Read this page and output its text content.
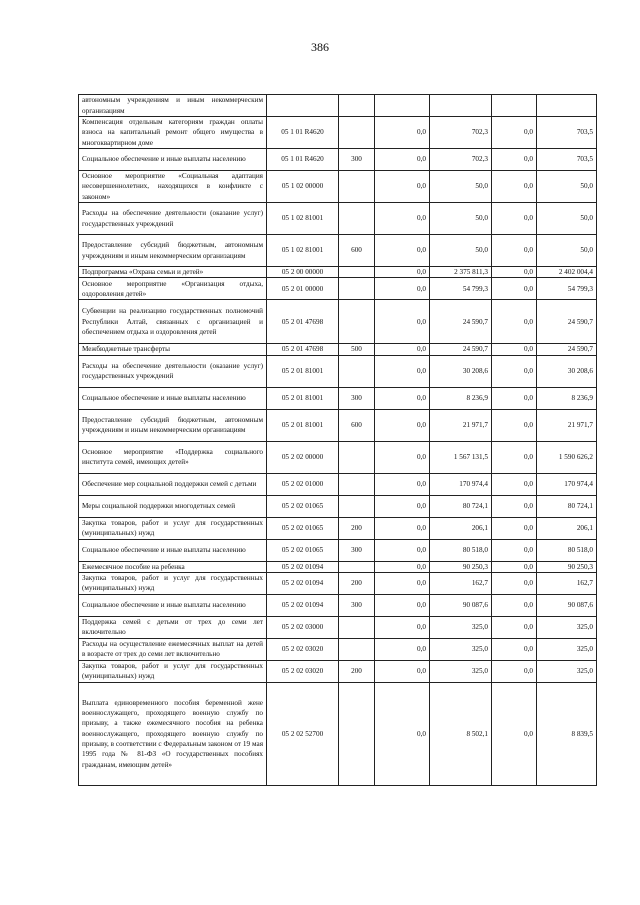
386
автономным учреждениям и иным некоммерческим организациям						
Компенсация отдельным категориям граждан оплаты взноса на капитальный ремонт общего имущества в многоквартирном доме	05 1 01 R4620		0,0	702,3	0,0	703,5
Социальное обеспечение и иные выплаты населению	05 1 01 R4620	300	0,0	702,3	0,0	703,5
Основное мероприятие «Социальная адаптация несовершеннолетних, находящихся в конфликте с законом»	05 1 02 00000		0,0	50,0	0,0	50,0
Расходы на обеспечение деятельности (оказание услуг) государственных учреждений	05 1 02 81001		0,0	50,0	0,0	50,0
Предоставление субсидий бюджетным, автономным учреждениям и иным некоммерческим организациям	05 1 02 81001	600	0,0	50,0	0,0	50,0
Подпрограмма «Охрана семьи и детей»	05 2 00 00000		0,0	2 375 811,3	0,0	2 402 004,4
Основное мероприятие «Организация отдыха, оздоровления детей»	05 2 01 00000		0,0	54 799,3	0,0	54 799,3
Субвенции на реализацию государственных полномочий Республики Алтай, связанных с организацией и обеспечением отдыха и оздоровления детей	05 2 01 47698		0,0	24 590,7	0,0	24 590,7
Межбюджетные трансферты	05 2 01 47698	500	0,0	24 590,7	0,0	24 590,7
Расходы на обеспечение деятельности (оказание услуг) государственных учреждений	05 2 01 81001		0,0	30 208,6	0,0	30 208,6
Социальное обеспечение и иные выплаты населению	05 2 01 81001	300	0,0	8 236,9	0,0	8 236,9
Предоставление субсидий бюджетным, автономным учреждениям и иным некоммерческим организациям	05 2 01 81001	600	0,0	21 971,7	0,0	21 971,7
Основное мероприятие «Поддержка социального института семей, имеющих детей»	05 2 02 00000		0,0	1 567 131,5	0,0	1 590 626,2
Обеспечение мер социальной поддержки семей с детьми	05 2 02 01000		0,0	170 974,4	0,0	170 974,4
Меры социальной поддержки многодетных семей	05 2 02 01065		0,0	80 724,1	0,0	80 724,1
Закупка товаров, работ и услуг для государственных (муниципальных) нужд	05 2 02 01065	200	0,0	206,1	0,0	206,1
Социальное обеспечение и иные выплаты населению	05 2 02 01065	300	0,0	80 518,0	0,0	80 518,0
Ежемесячное пособие на ребенка	05 2 02 01094		0,0	90 250,3	0,0	90 250,3
Закупка товаров, работ и услуг для государственных (муниципальных) нужд	05 2 02 01094	200	0,0	162,7	0,0	162,7
Социальное обеспечение и иные выплаты населению	05 2 02 01094	300	0,0	90 087,6	0,0	90 087,6
Поддержка семей с детьми от трех до семи лет включительно	05 2 02 03000		0,0	325,0	0,0	325,0
Расходы на осуществление ежемесячных выплат на детей в возрасте от трех до семи лет включительно	05 2 02 03020		0,0	325,0	0,0	325,0
Закупка товаров, работ и услуг для государственных (муниципальных) нужд	05 2 02 03020	200	0,0	325,0	0,0	325,0
Выплата единовременного пособия беременной жене военнослужащего, проходящего военную службу по призыву, а также ежемесячного пособия на ребенка военнослужащего, проходящего военную службу по призыву, в соответствии с Федеральным законом от 19 мая 1995 года № 81-ФЗ «О государственных пособиях гражданам, имеющим детей»	05 2 02 52700		0,0	8 502,1	0,0	8 839,5
